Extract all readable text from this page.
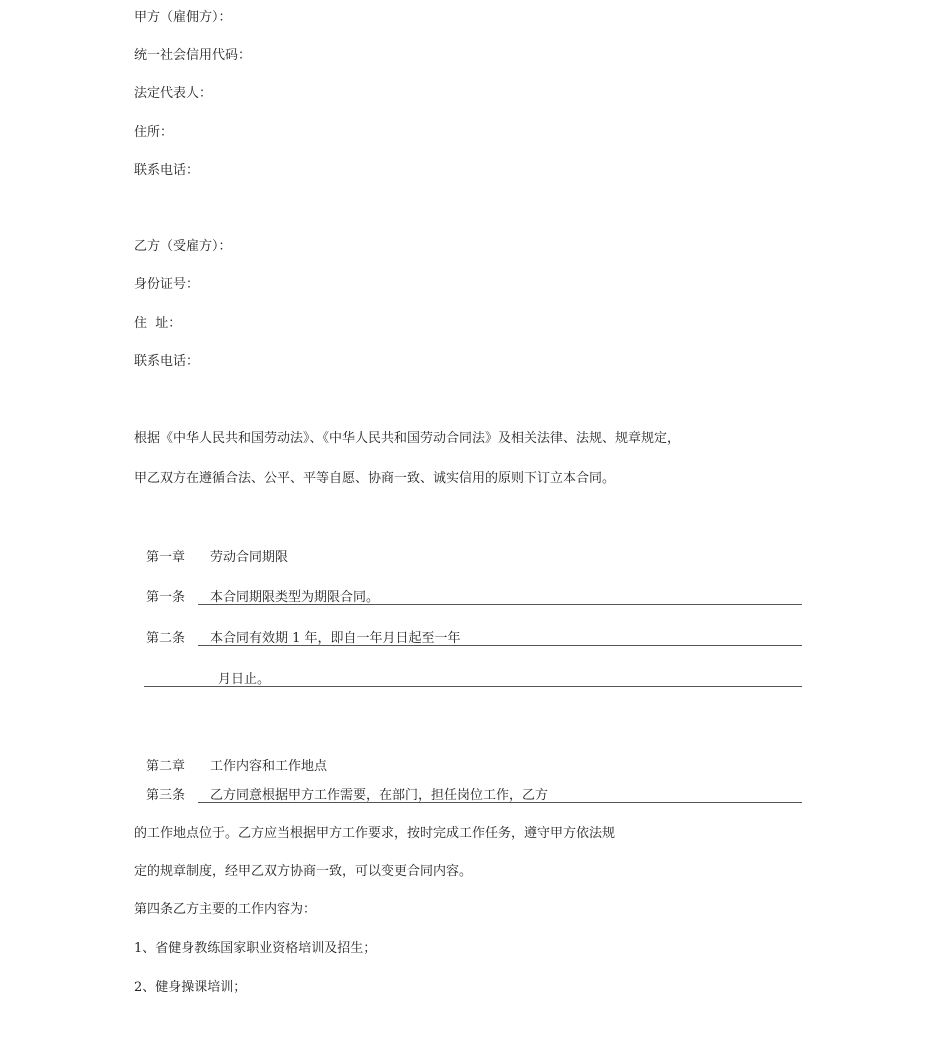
甲方（雇佣方）：
统一社会信用代码：
法定代表人：
住所：
联系电话：
乙方（受雇方）：
身份证号：
住  址：
联系电话：
根据《中华人民共和国劳动法》、《中华人民共和国劳动合同法》及相关法律、法规、规章规定，
甲乙双方在遵循合法、公平、平等自愿、协商一致、诚实信用的原则下订立本合同。
第一章 劳动合同期限
第一条 本合同期限类型为期限合同。
第二条 本合同有效期 1 年，即自一年月日起至一年
月日止。
第二章 工作内容和工作地点
第三条 乙方同意根据甲方工作需要，在部门，担任岗位工作，乙方
的工作地点位于。乙方应当根据甲方工作要求，按时完成工作任务，遵守甲方依法规
定的规章制度，经甲乙双方协商一致，可以变更合同内容。
第四条乙方主要的工作内容为：
1、省健身教练国家职业资格培训及招生；
2、健身操课培训；
